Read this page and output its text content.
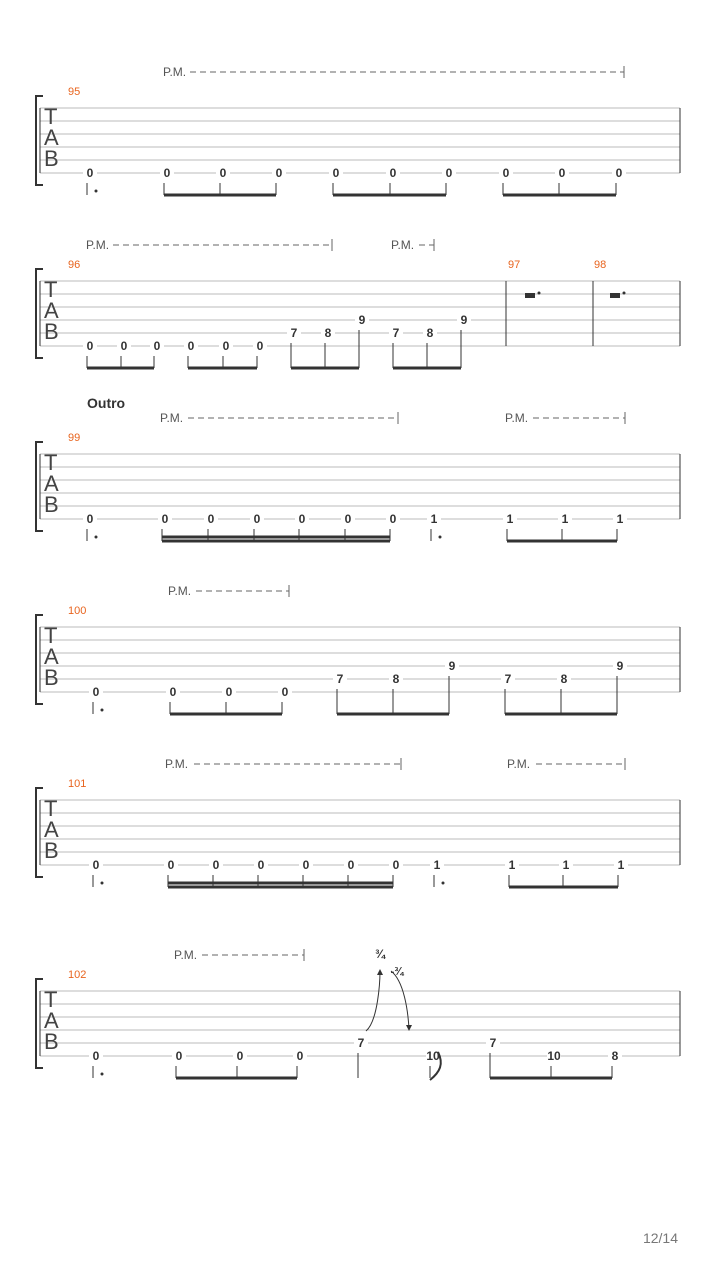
T
A
B
P.M.
95
0	0	0	0	0	0	0	0	0	0
T
A
B
P.M.	P.M.
96
0 0 0 0 0 0
7 8
9
7 8
9
97	98
T
A
B
Outro
P.M.	P.M.
99
0	0	0	0	0	0	0	1	1	1	1
T
A
B
P.M.
100
0	0	0	0
7	8
9
7	8
9
T
A
B
P.M.	P.M.
101
0	0	0	0	0	0	0	1	1	1	1
T
A
B
P.M.
102
0	0	0	0
7
10
7
10	8
¾
-¾
12/14
